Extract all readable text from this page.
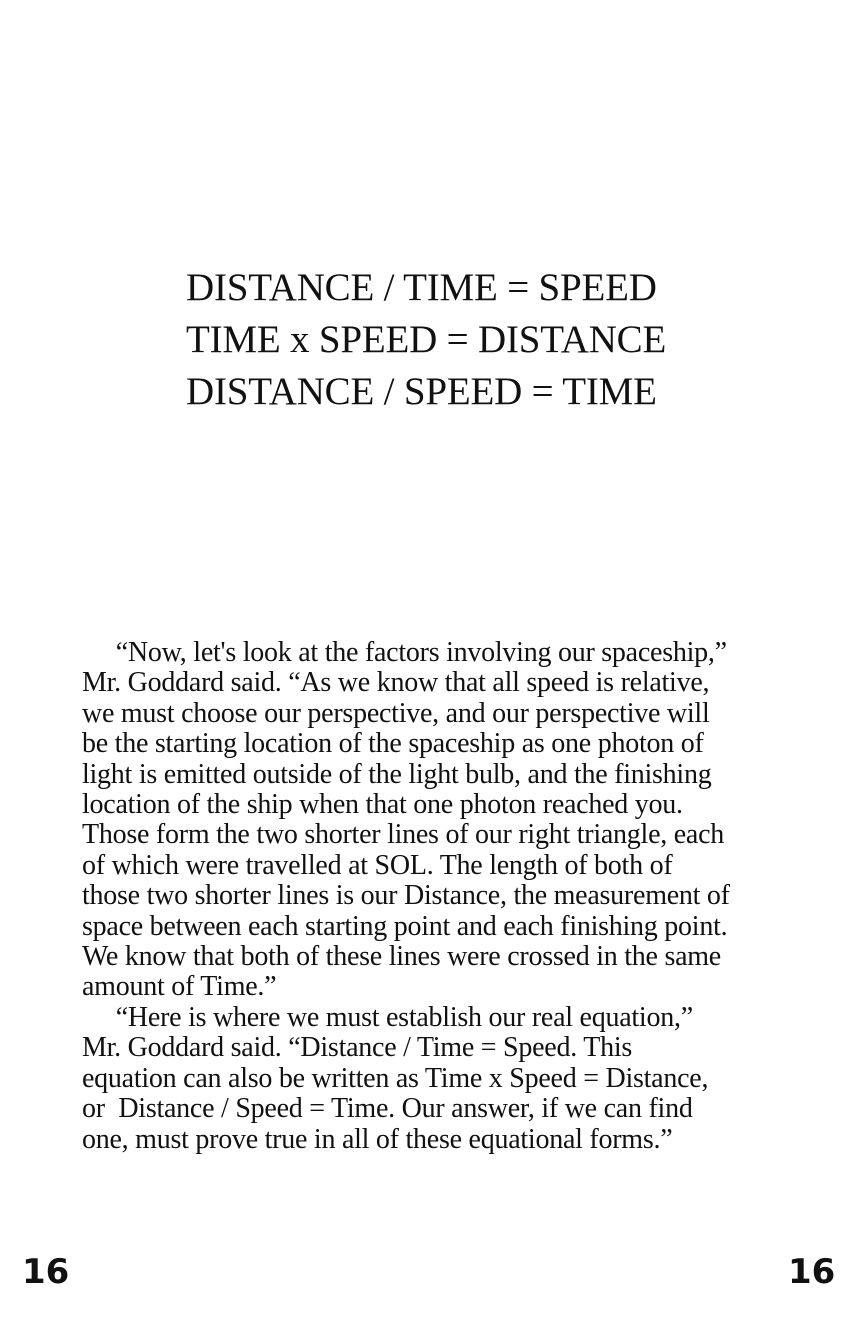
DISTANCE / TIME = SPEED
TIME x SPEED = DISTANCE
DISTANCE / SPEED = TIME
“Now, let's look at the factors involving our spaceship,”
Mr. Goddard said. “As we know that all speed is relative,
we must choose our perspective, and our perspective will
be the starting location of the spaceship as one photon of
light is emitted outside of the light bulb, and the finishing
location of the ship when that one photon reached you.
Those form the two shorter lines of our right triangle, each
of which were travelled at SOL. The length of both of
those two shorter lines is our Distance, the measurement of
space between each starting point and each finishing point.
We know that both of these lines were crossed in the same
amount of Time.”
“Here is where we must establish our real equation,”
Mr. Goddard said. “Distance / Time = Speed. This
equation can also be written as Time x Speed = Distance,
or  Distance / Speed = Time. Our answer, if we can find
one, must prove true in all of these equational forms.”
16	16
